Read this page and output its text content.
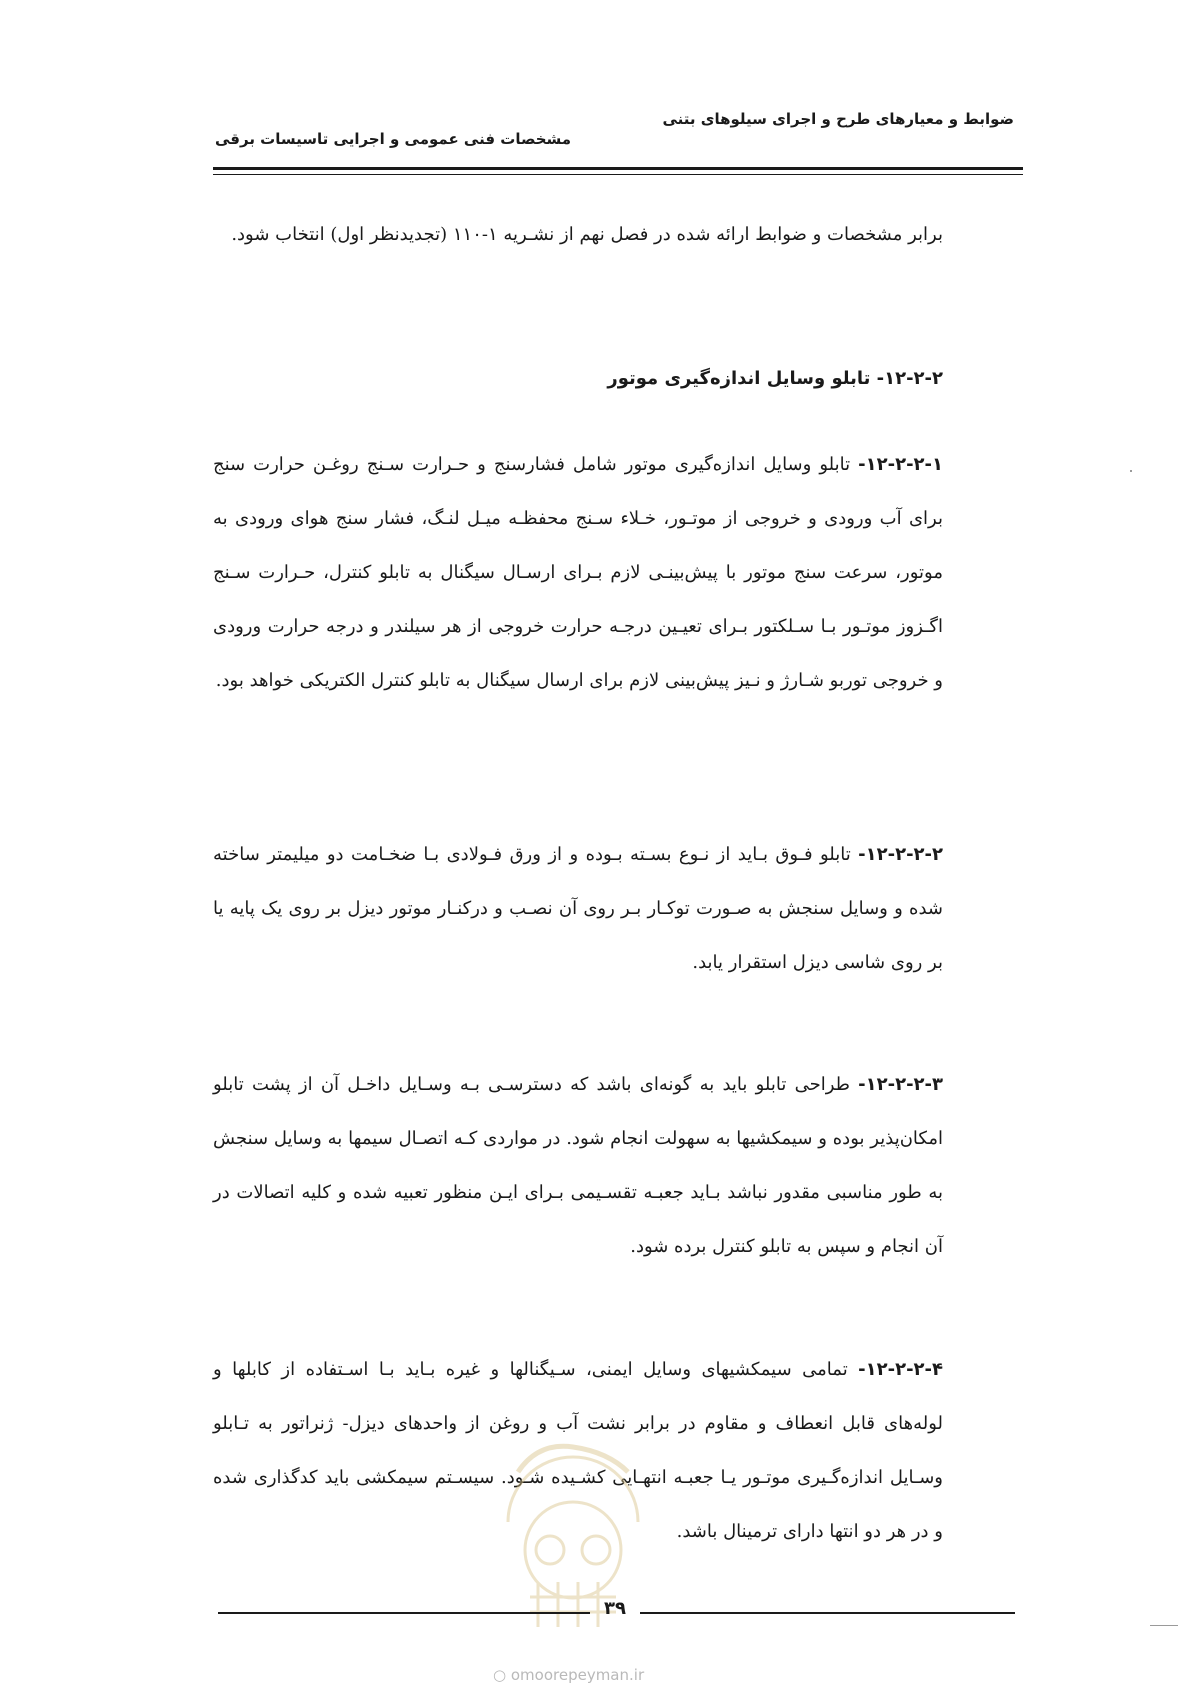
ضوابط و معیارهای طرح و اجرای سیلوهای بتنی
مشخصات فنی عمومی و اجرایی تاسیسات برقی

برابر مشخصات و ضوابط ارائه شده در فصل نهم از نشـریه ۱-۱۱۰ (تجدیدنظر اول) انتخاب شود.

۱۲-۲-۲- تابلو وسایل اندازه‌گیری موتور

۱۲-۲-۲-۱- تابلو وسایل اندازه‌گیری موتور شامل فشارسنج و حـرارت سـنج روغـن حرارت سنج برای آب ورودی و خروجی از موتـور، خـلاء سـنج محفظـه میـل لنـگ، فشار سنج هوای ورودی به موتور، سرعت سنج موتور با پیش‌بینـی لازم بـرای ارسـال سیگنال به تابلو کنترل، حـرارت سـنج اگـزوز موتـور بـا سـلکتور بـرای تعیـین درجـه حرارت خروجی از هر سیلندر و درجه حرارت ورودی و خروجی توربو شـارژ و نـیز پیش‌بینی لازم برای ارسال سیگنال به تابلو کنترل الکتریکی خواهد بود.

۱۲-۲-۲-۲- تابلو فـوق بـاید از نـوع بسـته بـوده و از ورق فـولادی بـا ضخـامت دو میلیمتر ساخته شده و وسایل سنجش به صـورت توکـار بـر روی آن نصـب و درکنـار موتور دیزل بر روی یک پایه یا بر روی شاسی دیزل استقرار یابد.

۱۲-۲-۲-۳- طراحی تابلو باید به گونه‌ای باشد که دسترسـی بـه وسـایل داخـل آن از پشت تابلو امکان‌پذیر بوده و سیمکشیها به سهولت انجام شود. در مواردی کـه اتصـال سیمها به وسایل سنجش به طور مناسبی مقدور نباشد بـاید جعبـه تقسـیمی بـرای ایـن منظور تعبیه شده و کلیه اتصالات در آن انجام و سپس به تابلو کنترل برده شود.

۱۲-۲-۲-۴- تمامی سیمکشیهای وسایل ایمنی، سـیگنالها و غیره بـاید بـا اسـتفاده از کابلها و لوله‌های قابل انعطاف و مقاوم در برابر نشت آب و روغن از واحدهای دیزل- ژنراتور به تـابلو وسـایل اندازه‌گـیری موتـور یـا جعبـه انتهـایی کشـیده شـود. سیسـتم سیمکشی باید کدگذاری شده و در هر دو انتها دارای ترمینال باشد.

۳۹
○ omoorepeyman.ir
